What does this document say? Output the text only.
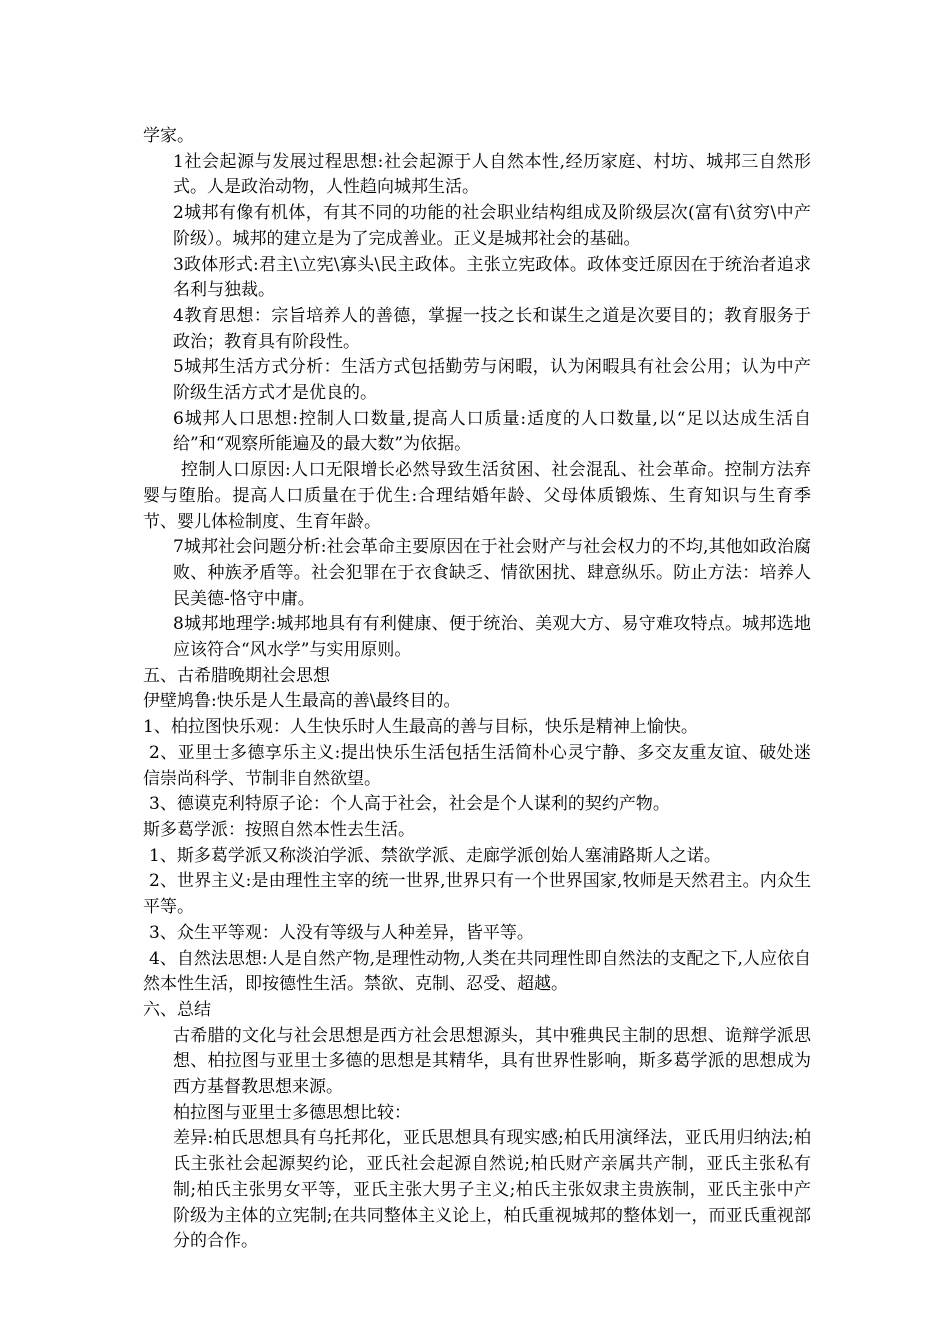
学家。
1社会起源与发展过程思想:社会起源于人自然本性,经历家庭、村坊、城邦三自然形式。人是政治动物，人性趋向城邦生活。
2城邦有像有机体，有其不同的功能的社会职业结构组成及阶级层次(富有\贫穷\中产阶级）。城邦的建立是为了完成善业。正义是城邦社会的基础。
3政体形式:君主\立宪\寡头\民主政体。主张立宪政体。政体变迁原因在于统治者追求名利与独裁。
4教育思想：宗旨培养人的善德，掌握一技之长和谋生之道是次要目的；教育服务于政治；教育具有阶段性。
5城邦生活方式分析：生活方式包括勤劳与闲暇，认为闲暇具有社会公用；认为中产阶级生活方式才是优良的。
6城邦人口思想:控制人口数量,提高人口质量:适度的人口数量,以“足以达成生活自给”和“观察所能遍及的最大数”为依据。
控制人口原因:人口无限增长必然导致生活贫困、社会混乱、社会革命。控制方法弃婴与堕胎。提高人口质量在于优生:合理结婚年龄、父母体质锻炼、生育知识与生育季节、婴儿体检制度、生育年龄。
7城邦社会问题分析:社会革命主要原因在于社会财产与社会权力的不均,其他如政治腐败、种族矛盾等。社会犯罪在于衣食缺乏、情欲困扰、肆意纵乐。防止方法：培养人民美德-恪守中庸。
8城邦地理学:城邦地具有有利健康、便于统治、美观大方、易守难攻特点。城邦选地应该符合“风水学”与实用原则。
五、古希腊晚期社会思想
伊壁鸠鲁:快乐是人生最高的善\最终目的。
1、柏拉图快乐观：人生快乐时人生最高的善与目标，快乐是精神上愉快。
2、亚里士多德享乐主义:提出快乐生活包括生活简朴心灵宁静、多交友重友谊、破处迷信崇尚科学、节制非自然欲望。
3、德谟克利特原子论：个人高于社会，社会是个人谋利的契约产物。
斯多葛学派：按照自然本性去生活。
1、斯多葛学派又称淡泊学派、禁欲学派、走廊学派创始人塞浦路斯人之诺。
2、世界主义:是由理性主宰的统一世界,世界只有一个世界国家,牧师是天然君主。内众生平等。
3、众生平等观：人没有等级与人种差异，皆平等。
4、自然法思想:人是自然产物,是理性动物,人类在共同理性即自然法的支配之下,人应依自然本性生活，即按德性生活。禁欲、克制、忍受、超越。
六、总结
古希腊的文化与社会思想是西方社会思想源头，其中雅典民主制的思想、诡辩学派思想、柏拉图与亚里士多德的思想是其精华，具有世界性影响，斯多葛学派的思想成为西方基督教思想来源。
柏拉图与亚里士多德思想比较：
差异:柏氏思想具有乌托邦化，亚氏思想具有现实感;柏氏用演绎法，亚氏用归纳法;柏氏主张社会起源契约论，亚氏社会起源自然说;柏氏财产亲属共产制，亚氏主张私有制;柏氏主张男女平等，亚氏主张大男子主义;柏氏主张奴隶主贵族制，亚氏主张中产阶级为主体的立宪制;在共同整体主义论上，柏氏重视城邦的整体划一，而亚氏重视部分的合作。
